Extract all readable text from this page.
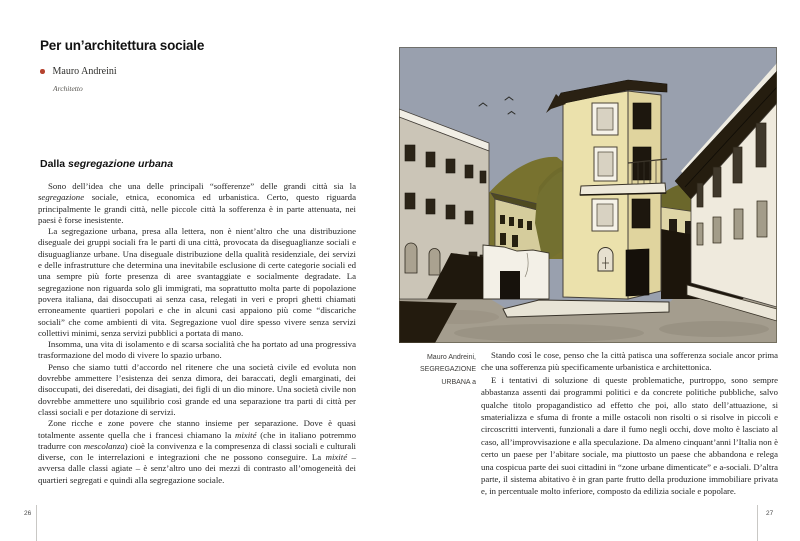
Per un’architettura sociale
Mauro Andreini
Architetto
Dalla segregazione urbana

Sono dell’idea che una delle principali “sofferenze” delle grandi città sia la segregazione sociale, etnica, economica ed urbanistica. Certo, questo riguarda principalmente le grandi città, nelle piccole città la sofferenza è in parte attenuata, nei paesi è forse inesistente.

La segregazione urbana, presa alla lettera, non è nient’altro che una distribuzione diseguale dei gruppi sociali fra le parti di una città, provocata da diseguaglianze sociali e disuguaglianze urbane. Una diseguale distribuzione della qualità residenziale, dei servizi e delle infrastrutture che determina una inevitabile esclusione di certe categorie sociali ed una sempre più forte presenza di aree svantaggiate e socialmente degradate. La segregazione non riguarda solo gli immigrati, ma soprattutto molta parte di popolazione povera italiana, dai disoccupati ai senza casa, relegati in veri e propri ghetti chiamati erroneamente quartieri popolari e che in alcuni casi appaiono più come “discariche sociali” che come ambienti di vita. Segregazione vuol dire spesso vivere senza servizi collettivi minimi, senza servizi pubblici a portata di mano.

Insomma, una vita di isolamento e di scarsa socialità che ha portato ad una progressiva trasformazione del modo di vivere lo spazio urbano.

Penso che siamo tutti d’accordo nel ritenere che una società civile ed evoluta non dovrebbe ammettere l’esistenza dei senza dimora, dei baraccati, degli emarginati, dei disoccupati, dei diseredati, dei disagiati, dei figli di un dio minore. Una società civile non dovrebbe ammettere uno squilibrio così grande ed una separazione tra parti di città per classi sociali e per dotazione di servizi.

Zone ricche e zone povere che stanno insieme per separazione. Dove è quasi totalmente assente quella che i francesi chiamano la mixité (che in italiano potremmo tradurre con mescolanza) cioè la convivenza e la compresenza di classi sociali e culturali diverse, con le interrelazioni e integrazioni che ne possono conseguire. La mixité – avversa dalle classi agiate – è senz’altro uno dei mezzi di contrasto all’omogeneità dei quartieri segregati e quindi alla segregazione sociale.

Mauro Andreini,
SEGREGAZIONE
URBANA a

Stando così le cose, penso che la città patisca una sofferenza sociale ancor prima che una sofferenza più specificamente urbanistica e architettonica.

E i tentativi di soluzione di queste problematiche, purtroppo, sono sempre abbastanza assenti dai programmi politici e da concrete politiche pubbliche, salvo qualche titolo propagandistico ad effetto che poi, allo stato dell’attuazione, si smaterializza e sfuma di fronte a mille ostacoli non risolti o si risolve in piccoli e circoscritti interventi, funzionali a dare il fumo negli occhi, dove molto è lasciato al caso, all’improvvisazione e alla speculazione. Da almeno cinquant’anni l’Italia non è certo un paese per l’abitare sociale, ma piuttosto un paese che abbandona e relega una cospicua parte dei suoi cittadini in “zone urbane dimenticate” e a-sociali. D’altra parte, il sistema abitativo è in gran parte frutto della produzione immobiliare privata e, in percentuale molto inferiore, composto da edilizia sociale e popolare.

26	27
